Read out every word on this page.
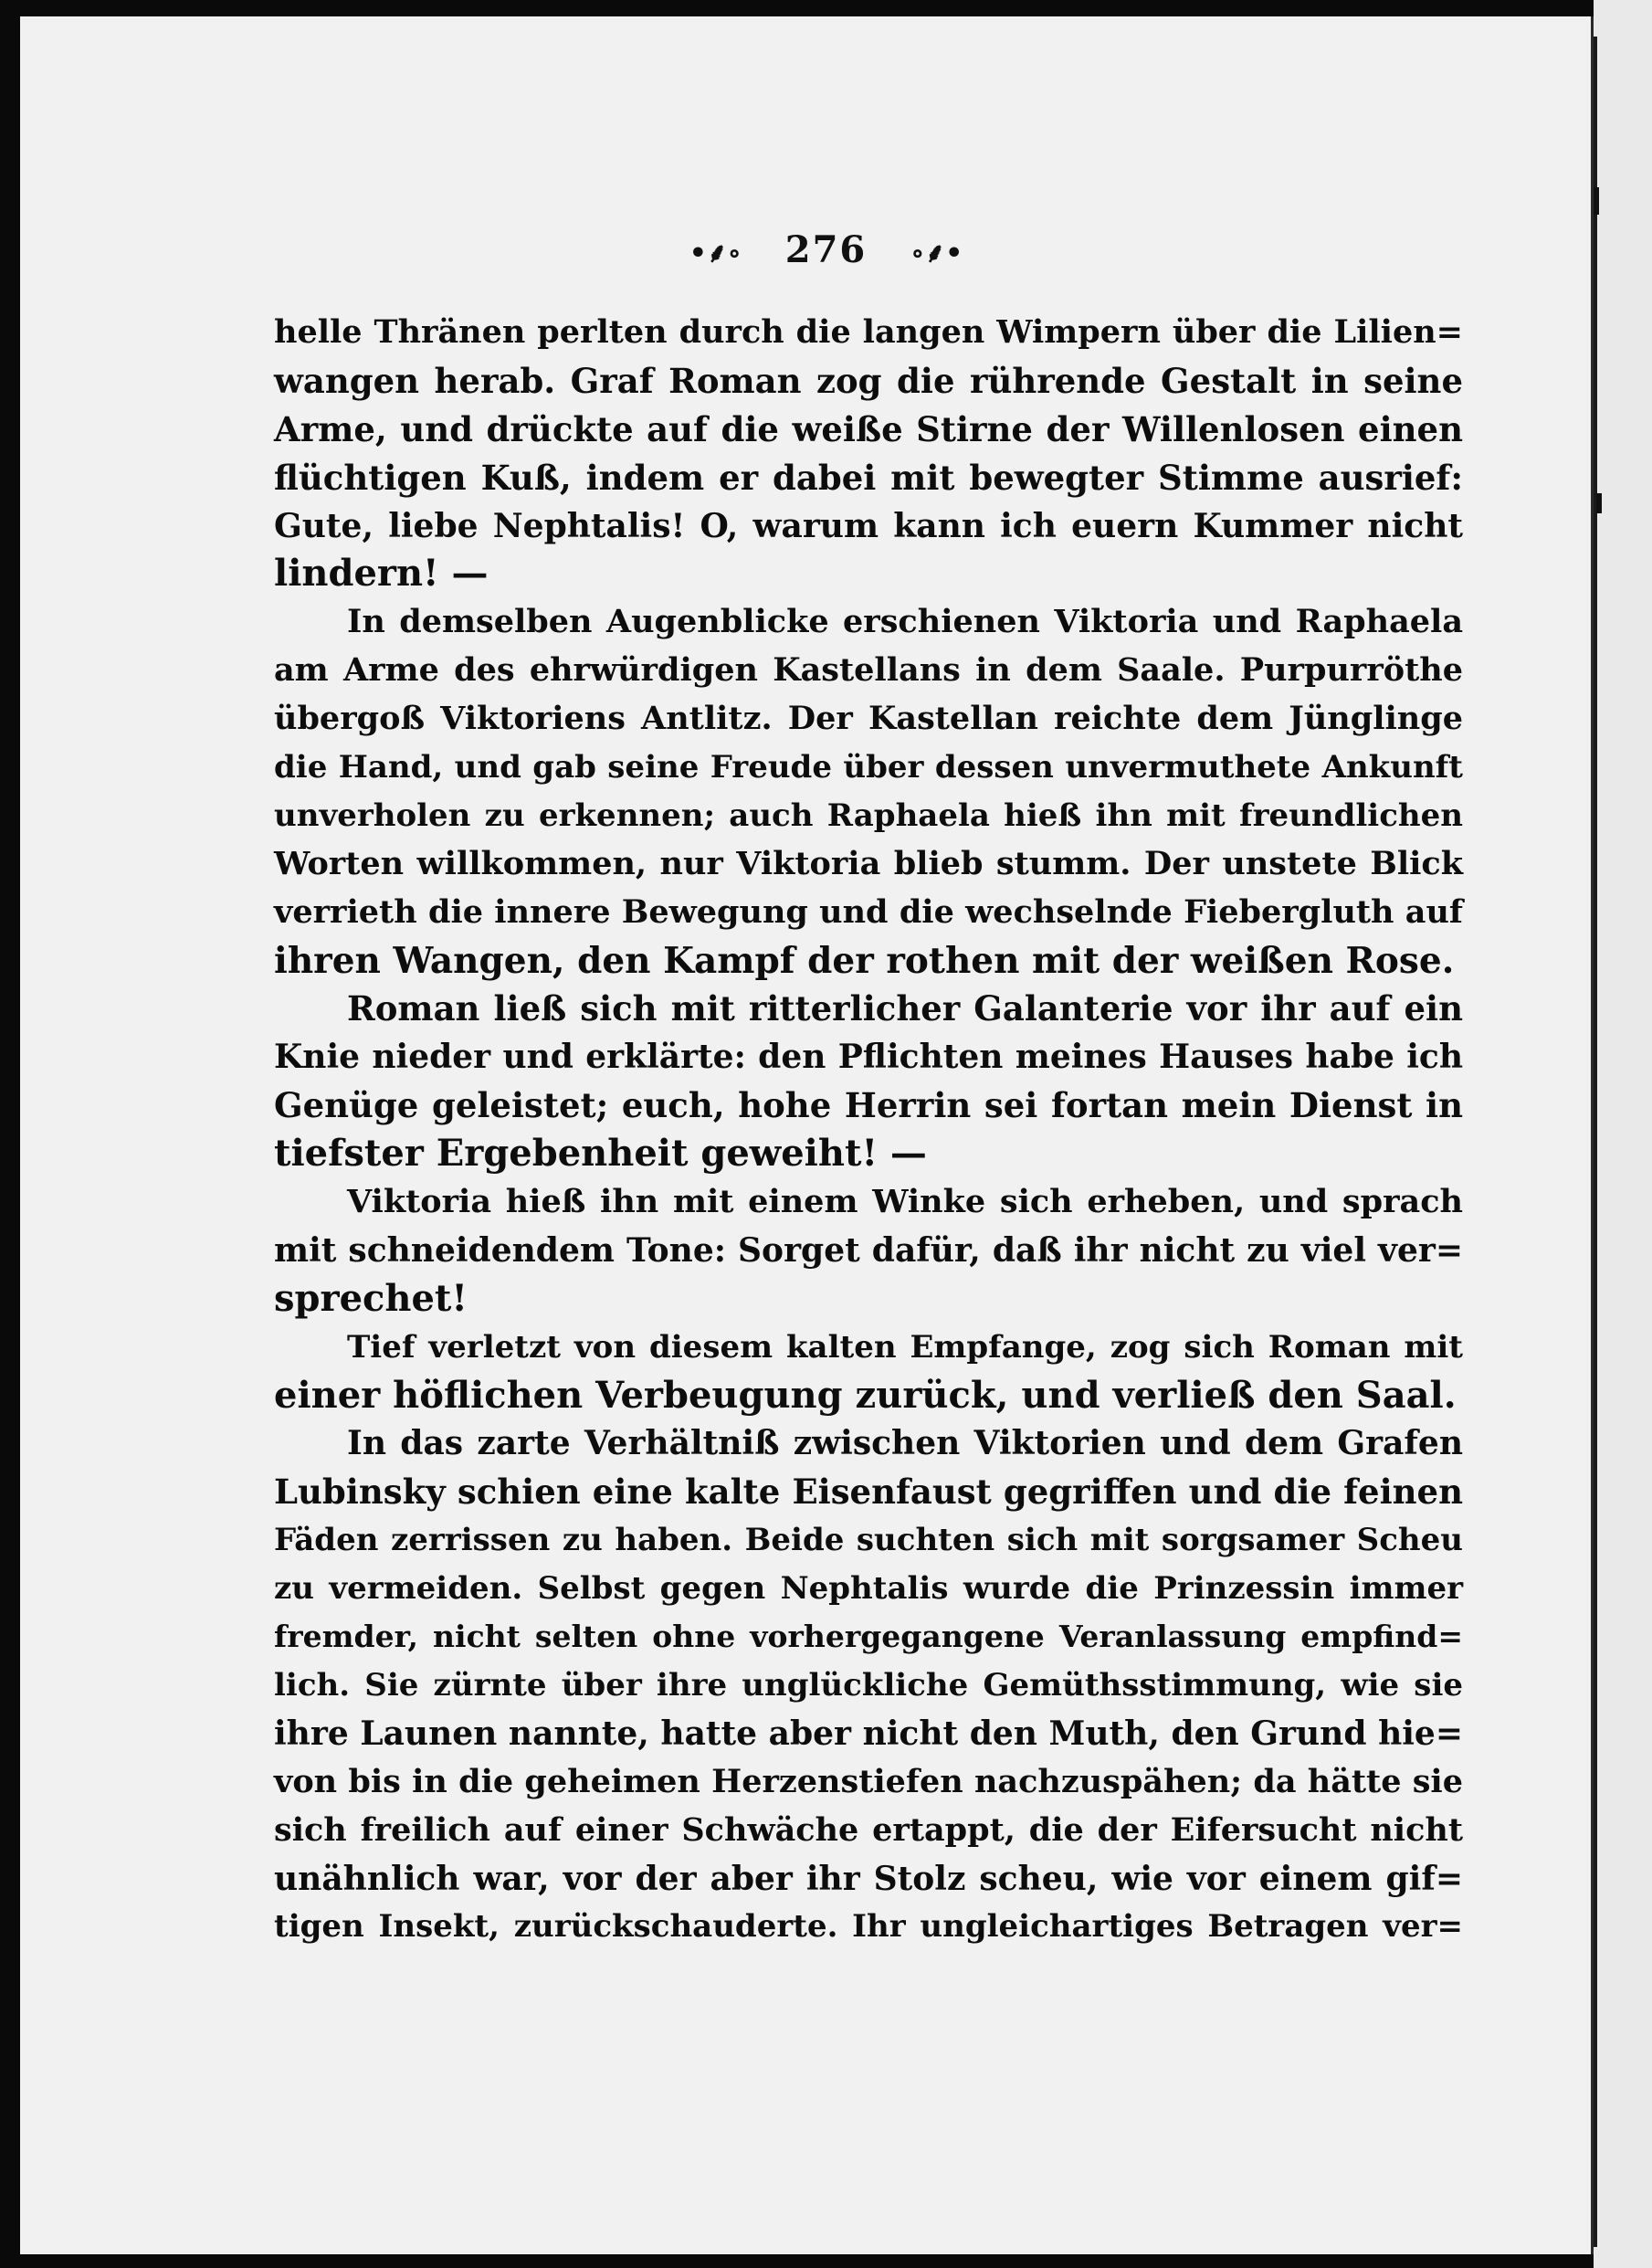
•⸙∘ 276 ∘⸙•
helle Thränen perlten durch die langen Wimpern über die Lilien=
wangen herab. Graf Roman zog die rührende Gestalt in seine
Arme, und drückte auf die weiße Stirne der Willenlosen einen
flüchtigen Kuß, indem er dabei mit bewegter Stimme ausrief:
Gute, liebe Nephtalis! O, warum kann ich euern Kummer nicht
lindern! —
In demselben Augenblicke erschienen Viktoria und Raphaela
am Arme des ehrwürdigen Kastellans in dem Saale. Purpurröthe
übergoß Viktoriens Antlitz. Der Kastellan reichte dem Jünglinge
die Hand, und gab seine Freude über dessen unvermuthete Ankunft
unverholen zu erkennen; auch Raphaela hieß ihn mit freundlichen
Worten willkommen, nur Viktoria blieb stumm. Der unstete Blick
verrieth die innere Bewegung und die wechselnde Fiebergluth auf
ihren Wangen, den Kampf der rothen mit der weißen Rose.
Roman ließ sich mit ritterlicher Galanterie vor ihr auf ein
Knie nieder und erklärte: den Pflichten meines Hauses habe ich
Genüge geleistet; euch, hohe Herrin sei fortan mein Dienst in
tiefster Ergebenheit geweiht! —
Viktoria hieß ihn mit einem Winke sich erheben, und sprach
mit schneidendem Tone: Sorget dafür, daß ihr nicht zu viel ver=
sprechet!
Tief verletzt von diesem kalten Empfange, zog sich Roman mit
einer höflichen Verbeugung zurück, und verließ den Saal.
In das zarte Verhältniß zwischen Viktorien und dem Grafen
Lubinsky schien eine kalte Eisenfaust gegriffen und die feinen
Fäden zerrissen zu haben. Beide suchten sich mit sorgsamer Scheu
zu vermeiden. Selbst gegen Nephtalis wurde die Prinzessin immer
fremder, nicht selten ohne vorhergegangene Veranlassung empfind=
lich. Sie zürnte über ihre unglückliche Gemüthsstimmung, wie sie
ihre Launen nannte, hatte aber nicht den Muth, den Grund hie=
von bis in die geheimen Herzenstiefen nachzuspähen; da hätte sie
sich freilich auf einer Schwäche ertappt, die der Eifersucht nicht
unähnlich war, vor der aber ihr Stolz scheu, wie vor einem gif=
tigen Insekt, zurückschauderte. Ihr ungleichartiges Betragen ver=
